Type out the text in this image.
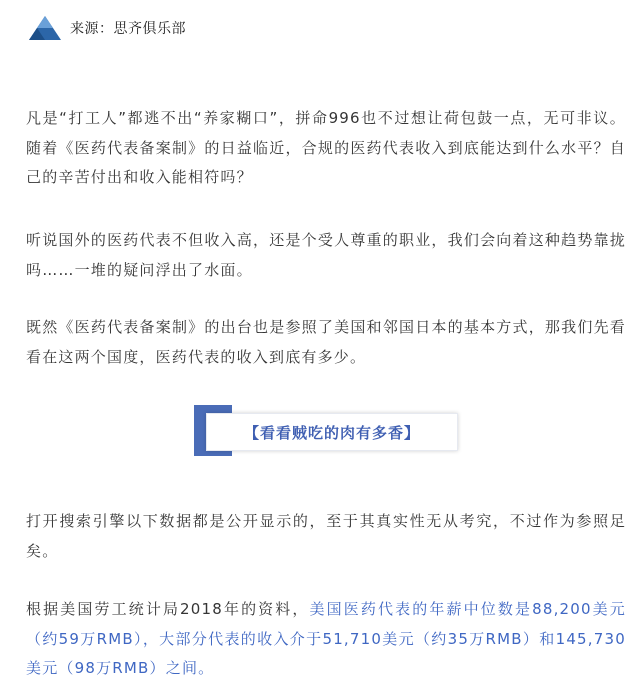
来源：思齐俱乐部

凡是“打工人”都逃不出“养家糊口”，拼命996也不过想让荷包鼓一点，无可非议。随着《医药代表备案制》的日益临近，合规的医药代表收入到底能达到什么水平？自己的辛苦付出和收入能相符吗？

听说国外的医药代表不但收入高，还是个受人尊重的职业，我们会向着这种趋势靠拢吗……一堆的疑问浮出了水面。

既然《医药代表备案制》的出台也是参照了美国和邻国日本的基本方式，那我们先看看在这两个国度，医药代表的收入到底有多少。

【看看贼吃的肉有多香】

打开搜索引擎以下数据都是公开显示的，至于其真实性无从考究，不过作为参照足矣。

根据美国劳工统计局2018年的资料，美国医药代表的年薪中位数是88,200美元（约59万RMB），大部分代表的收入介于51,710美元（约35万RMB）和145,730美元（98万RMB）之间。
